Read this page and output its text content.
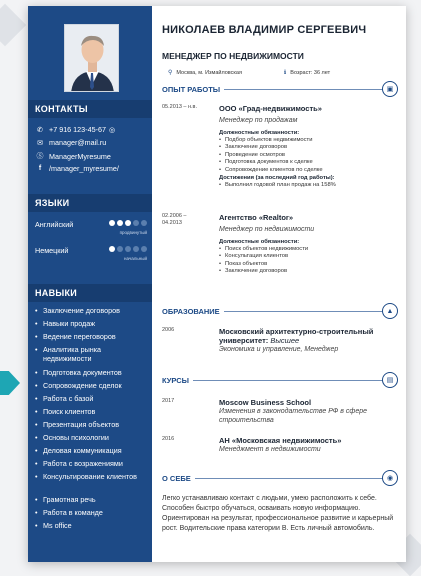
КОНТАКТЫ
✆ +7 916 123-45-67 ◎
✉ manager@mail.ru
Ⓢ ManagerMyresume
f	/manager_myresume/
ЯЗЫКИ
Английский
продвинутый
Немецкий
начальный
НАВЫКИ
• Заключение договоров
• Навыки продаж
• Ведение переговоров
• Аналитика рынка недвижимости
• Подготовка документов
• Сопровождение сделок
• Работа с базой
• Поиск клиентов
• Презентация объектов
• Основы психологии
• Деловая коммуникация
• Работа с возражениями
• Консультирование клиентов
• Грамотная речь
• Работа в команде
• Ms office
НИКОЛАЕВ ВЛАДИМИР СЕРГЕЕВИЧ
МЕНЕДЖЕР ПО НЕДВИЖИМОСТИ
⚲ Москва, м. Измайловская	ℹ Возраст: 36 лет
ОПЫТ РАБОТЫ	▣
05.2013 – н.в.	ООО «Град-недвижимость»
Менеджер по продажам
Должностные обязанности:
• Подбор объектов недвижимости
• Заключение договоров
• Проведение осмотров
• Подготовка документов к сделке
• Сопровождение клиентов по сделке
Достижения (за последний год работы):
• Выполнил годовой план продаж на 158%
02.2006 – 04.2013
Агентство «Realtor»
Менеджер по недвижимости
Должностные обязанности:
• Поиск объектов недвижимости
• Консультация клиентов
• Показ объектов
• Заключение договоров
ОБРАЗОВАНИЕ	▲
2006	Московский архитектурно-строительный университет: Высшее
Экономика и управление, Менеджер
КУРСЫ	▤
2017	Moscow Business School
Изменения в законодательстве РФ в сфере строительства
2016	АН «Московская недвижимость»
Менеджмент в недвижимости
О СЕБЕ	◉
Легко устанавливаю контакт с людьми, умею расположить к себе. Способен быстро обучаться, осваивать новую информацию. Ориентирован на результат, профессиональное развитие и карьерный рост. Водительские права категории B. Есть личный автомобиль.
